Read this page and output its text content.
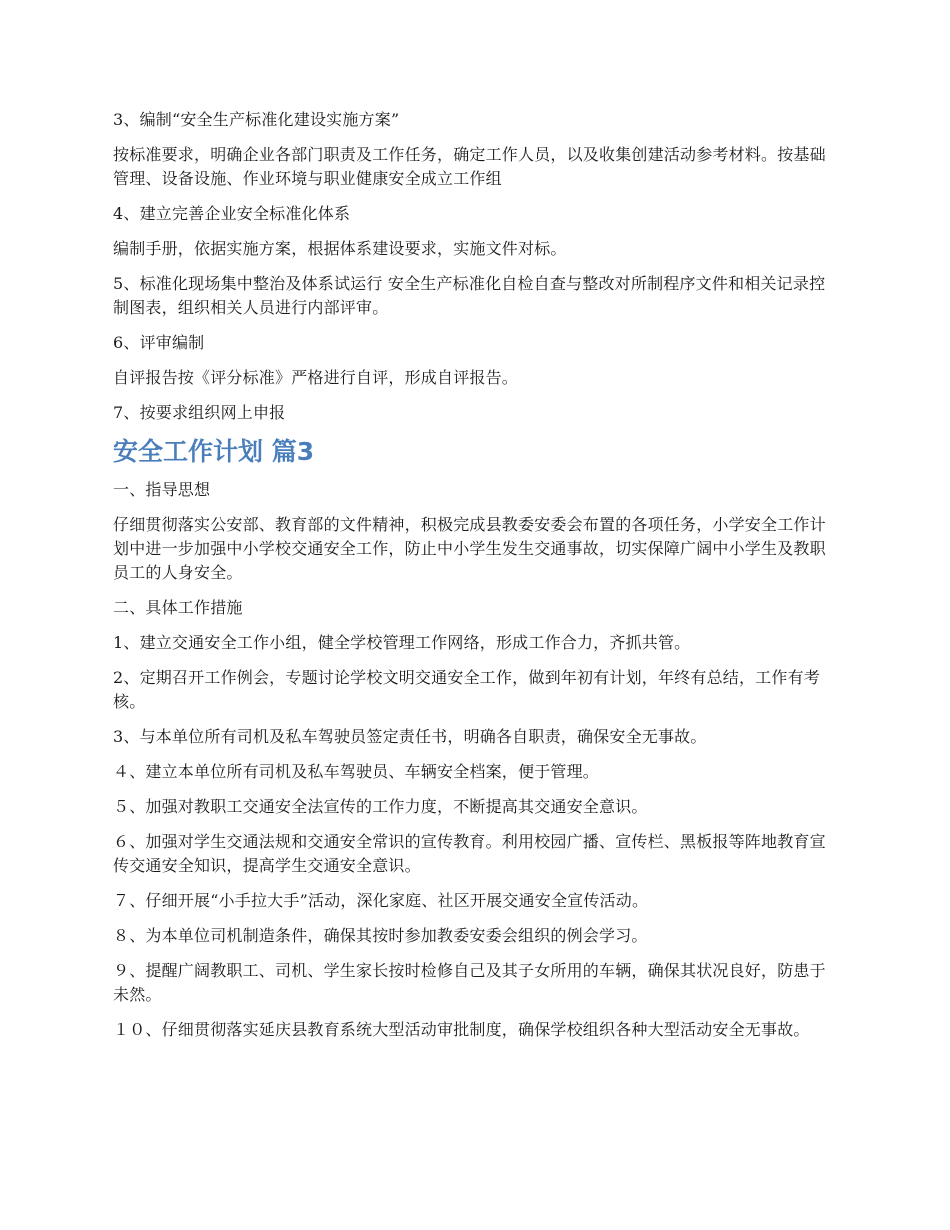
3、编制“安全生产标准化建设实施方案”

按标准要求，明确企业各部门职责及工作任务，确定工作人员，以及收集创建活动参考材料。按基础管理、设备设施、作业环境与职业健康安全成立工作组

4、建立完善企业安全标准化体系

编制手册，依据实施方案，根据体系建设要求，实施文件对标。

5、标准化现场集中整治及体系试运行 安全生产标准化自检自查与整改对所制程序文件和相关记录控制图表，组织相关人员进行内部评审。

6、评审编制

自评报告按《评分标准》严格进行自评，形成自评报告。

7、按要求组织网上申报

安全工作计划 篇3

一、指导思想

仔细贯彻落实公安部、教育部的文件精神，积极完成县教委安委会布置的各项任务，小学安全工作计划中进一步加强中小学校交通安全工作，防止中小学生发生交通事故，切实保障广阔中小学生及教职员工的人身安全。

二、具体工作措施

1、建立交通安全工作小组，健全学校管理工作网络，形成工作合力，齐抓共管。

2、定期召开工作例会，专题讨论学校文明交通安全工作，做到年初有计划，年终有总结，工作有考核。

3、与本单位所有司机及私车驾驶员签定责任书，明确各自职责，确保安全无事故。

４、建立本单位所有司机及私车驾驶员、车辆安全档案，便于管理。

５、加强对教职工交通安全法宣传的工作力度，不断提高其交通安全意识。

６、加强对学生交通法规和交通安全常识的宣传教育。利用校园广播、宣传栏、黑板报等阵地教育宣传交通安全知识，提高学生交通安全意识。

７、仔细开展“小手拉大手”活动，深化家庭、社区开展交通安全宣传活动。

８、为本单位司机制造条件，确保其按时参加教委安委会组织的例会学习。

９、提醒广阔教职工、司机、学生家长按时检修自己及其子女所用的车辆，确保其状况良好，防患于未然。

１０、仔细贯彻落实延庆县教育系统大型活动审批制度，确保学校组织各种大型活动安全无事故。
